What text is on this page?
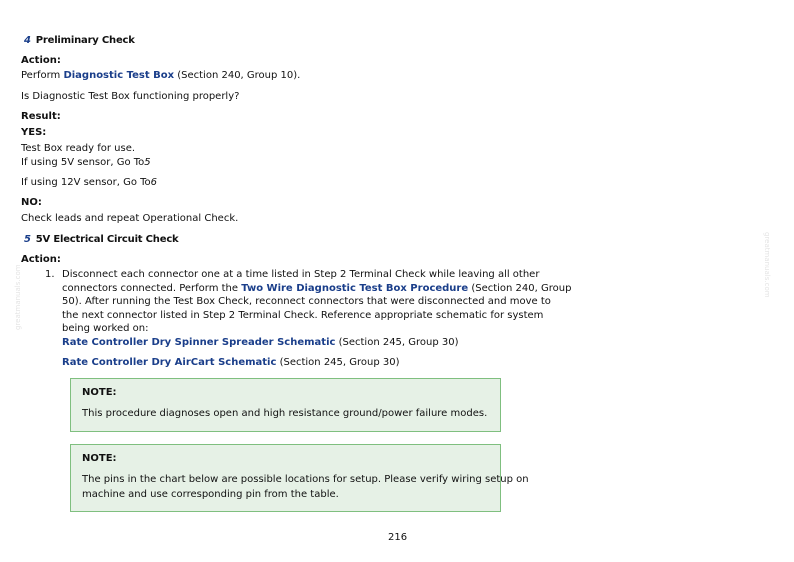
greatmanuals.com	greatmanuals.com
4 Preliminary Check
Action:
Perform Diagnostic Test Box (Section 240, Group 10).
Is Diagnostic Test Box functioning properly?
Result:
YES:
Test Box ready for use.
If using 5V sensor, Go To5
If using 12V sensor, Go To6
NO:
Check leads and repeat Operational Check.
5 5V Electrical Circuit Check
Action:
1. Disconnect each connector one at a time listed in Step 2 Terminal Check while leaving all other
connectors connected. Perform the Two Wire Diagnostic Test Box Procedure (Section 240, Group
50). After running the Test Box Check, reconnect connectors that were disconnected and move to
the next connector listed in Step 2 Terminal Check. Reference appropriate schematic for system
being worked on:
Rate Controller Dry Spinner Spreader Schematic (Section 245, Group 30)
Rate Controller Dry AirCart Schematic (Section 245, Group 30)
NOTE:
This procedure diagnoses open and high resistance ground/power failure modes.
NOTE:
The pins in the chart below are possible locations for setup. Please verify wiring setup on
machine and use corresponding pin from the table.
216
